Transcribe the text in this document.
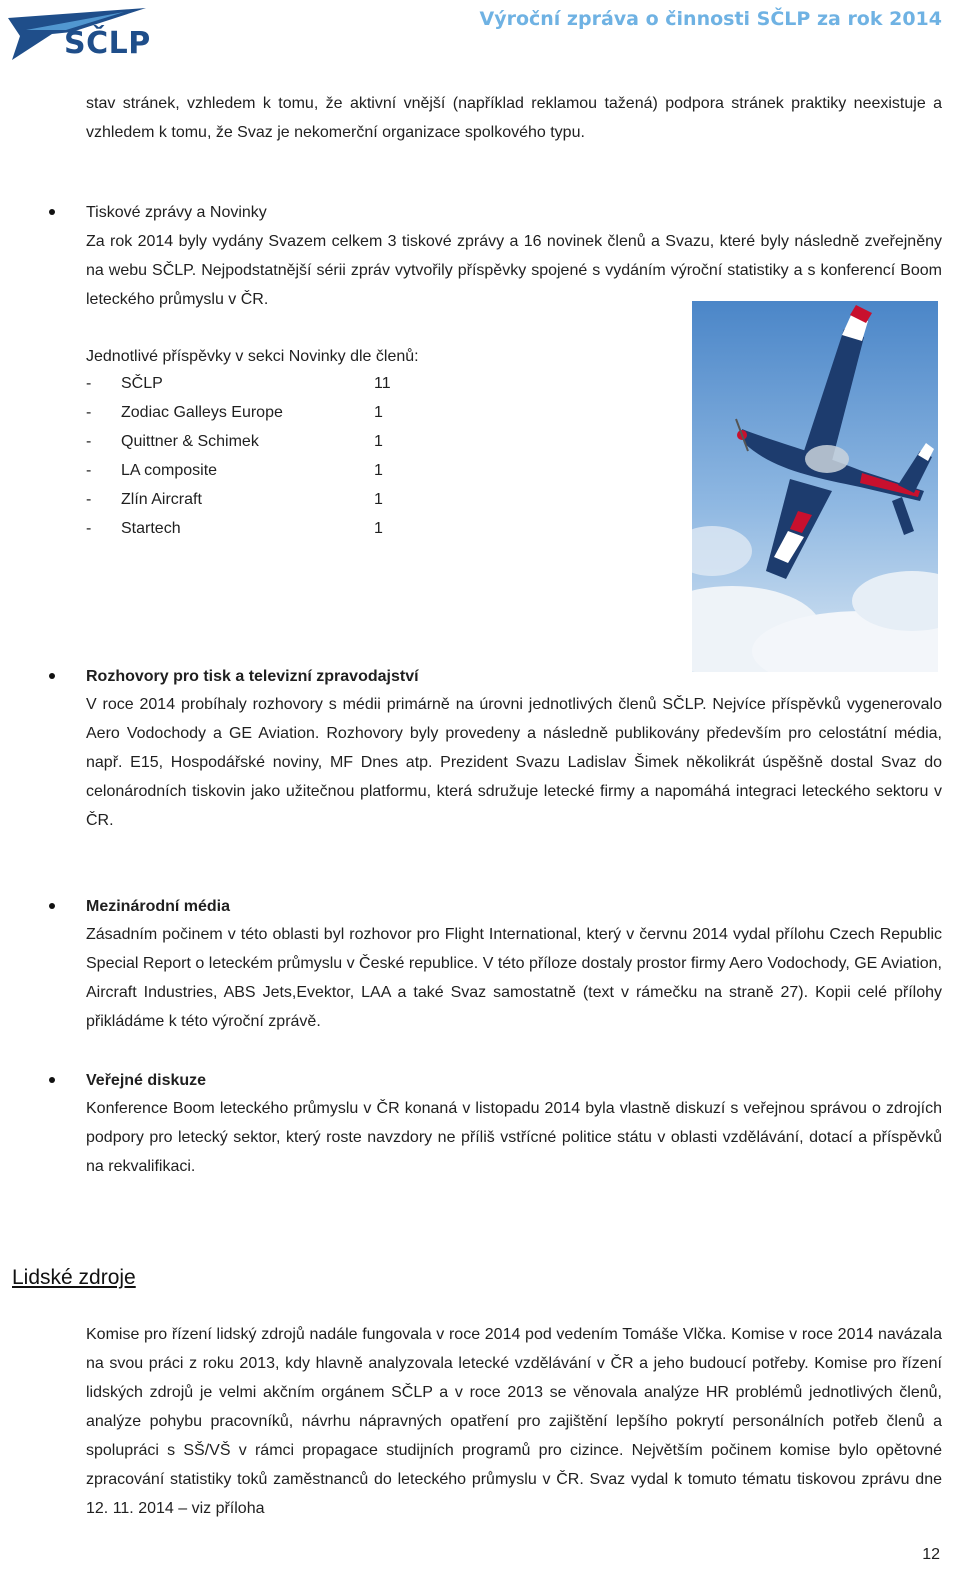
SČLP
Výroční zpráva o činnosti SČLP za rok 2014

stav stránek, vzhledem k tomu, že aktivní vnější (například reklamou tažená) podpora stránek praktiky neexistuje a vzhledem k tomu, že Svaz je nekomerční organizace spolkového typu.

Tiskové zprávy a Novinky

Za rok 2014 byly vydány Svazem celkem 3 tiskové zprávy a 16 novinek členů a Svazu, které byly následně zveřejněny na webu SČLP. Nejpodstatnější sérii zpráv vytvořily příspěvky spojené s vydáním výroční statistiky a s konferencí Boom leteckého průmyslu v ČR.

Jednotlivé příspěvky v sekci Novinky dle členů:
- SČLP	11
- Zodiac Galleys Europe	1
- Quittner & Schimek	1
- LA composite	1
- Zlín Aircraft	1
- Startech	1
Rozhovory pro tisk a televizní zpravodajství

V roce 2014 probíhaly rozhovory s médii primárně na úrovni jednotlivých členů SČLP. Nejvíce příspěvků vygenerovalo Aero Vodochody a GE Aviation. Rozhovory byly provedeny a následně publikovány především pro celostátní média, např. E15, Hospodářské noviny, MF Dnes atp. Prezident Svazu Ladislav Šimek několikrát úspěšně dostal Svaz do celonárodních tiskovin jako užitečnou platformu, která sdružuje letecké firmy a napomáhá integraci leteckého sektoru v ČR.

Mezinárodní média

Zásadním počinem v této oblasti byl rozhovor pro Flight International, který v červnu 2014 vydal přílohu Czech Republic Special Report o leteckém průmyslu v České republice. V této příloze dostaly prostor firmy Aero Vodochody, GE Aviation, Aircraft Industries, ABS Jets,Evektor, LAA a také Svaz samostatně (text v rámečku na straně 27). Kopii celé přílohy přikládáme k této výroční zprávě.

Veřejné diskuze

Konference Boom leteckého průmyslu v ČR konaná v listopadu 2014 byla vlastně diskuzí s veřejnou správou o zdrojích podpory pro letecký sektor, který roste navzdory ne příliš vstřícné politice státu v oblasti vzdělávání, dotací a příspěvků na rekvalifikaci.

Lidské zdroje

Komise pro řízení lidský zdrojů nadále fungovala v roce 2014 pod vedením Tomáše Vlčka. Komise v roce 2014 navázala na svou práci z roku 2013, kdy hlavně analyzovala letecké vzdělávání v ČR a jeho budoucí potřeby. Komise pro řízení lidských zdrojů je velmi akčním orgánem SČLP a v roce 2013 se věnovala analýze HR problémů jednotlivých členů, analýze pohybu pracovníků, návrhu nápravných opatření pro zajištění lepšího pokrytí personálních potřeb členů a spolupráci s SŠ/VŠ v rámci propagace studijních programů pro cizince. Největším počinem komise bylo opětovné zpracování statistiky toků zaměstnanců do leteckého průmyslu v ČR. Svaz vydal k tomuto tématu tiskovou zprávu dne 12. 11. 2014 – viz příloha

12
